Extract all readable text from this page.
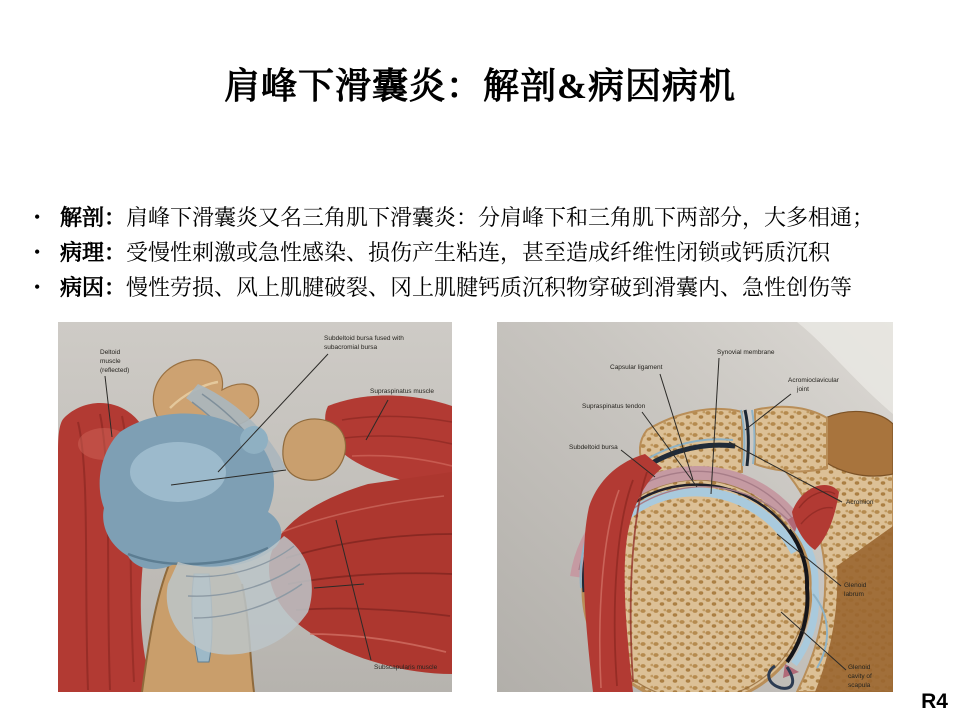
肩峰下滑囊炎：解剖&病因病机
• 解剖：肩峰下滑囊炎又名三角肌下滑囊炎：分肩峰下和三角肌下两部分，大多相通；
• 病理：受慢性刺激或急性感染、损伤产生粘连，甚至造成纤维性闭锁或钙质沉积
• 病因：慢性劳损、风上肌腱破裂、冈上肌腱钙质沉积物穿破到滑囊内、急性创伤等
Deltoid
muscle
(reflected)
Subdeltoid bursa fused with
subacromial bursa
Supraspinatus muscle
Subscapularis muscle
Synovial membrane
Capsular ligament
Supraspinatus tendon
Subdeltoid bursa
Acromioclavicular
joint
Acromion
Glenoid
labrum
Glenoid
cavity of
scapula
R4
